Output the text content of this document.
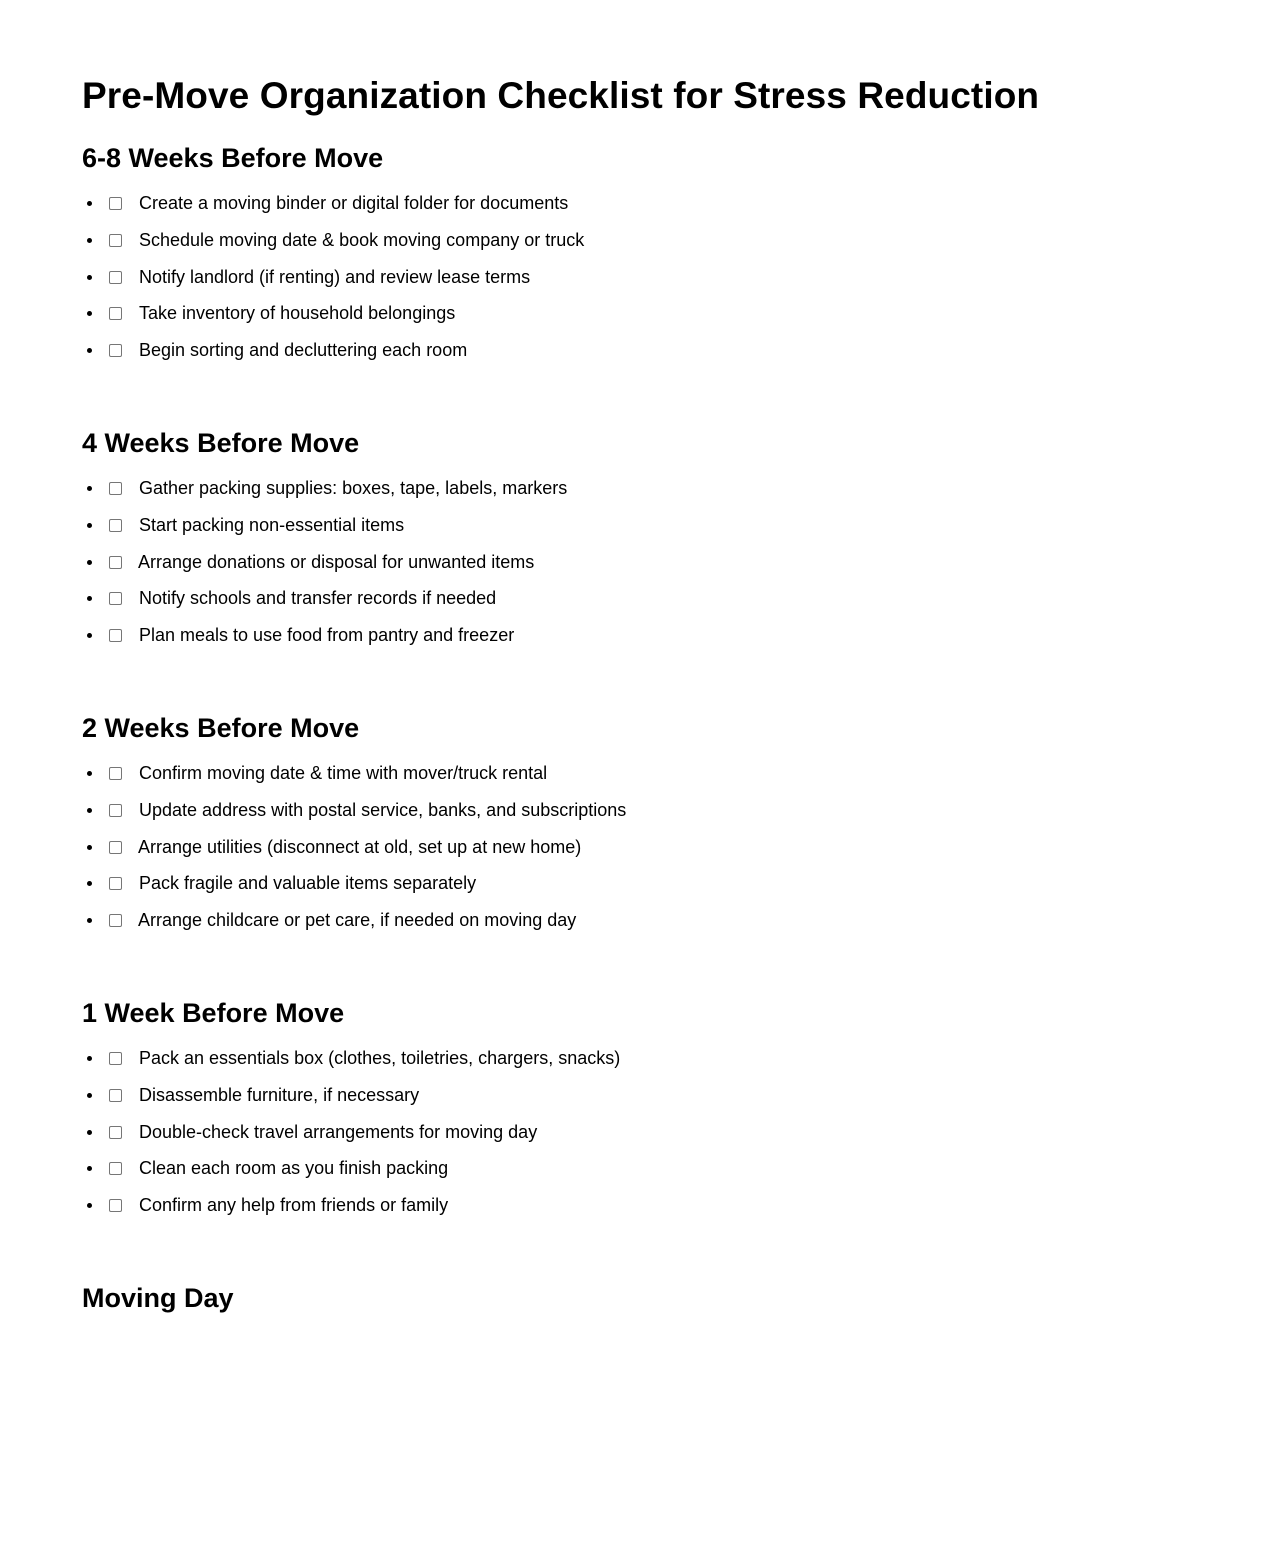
Pre-Move Organization Checklist for Stress Reduction
6-8 Weeks Before Move
Create a moving binder or digital folder for documents
Schedule moving date & book moving company or truck
Notify landlord (if renting) and review lease terms
Take inventory of household belongings
Begin sorting and decluttering each room
4 Weeks Before Move
Gather packing supplies: boxes, tape, labels, markers
Start packing non-essential items
Arrange donations or disposal for unwanted items
Notify schools and transfer records if needed
Plan meals to use food from pantry and freezer
2 Weeks Before Move
Confirm moving date & time with mover/truck rental
Update address with postal service, banks, and subscriptions
Arrange utilities (disconnect at old, set up at new home)
Pack fragile and valuable items separately
Arrange childcare or pet care, if needed on moving day
1 Week Before Move
Pack an essentials box (clothes, toiletries, chargers, snacks)
Disassemble furniture, if necessary
Double-check travel arrangements for moving day
Clean each room as you finish packing
Confirm any help from friends or family
Moving Day
